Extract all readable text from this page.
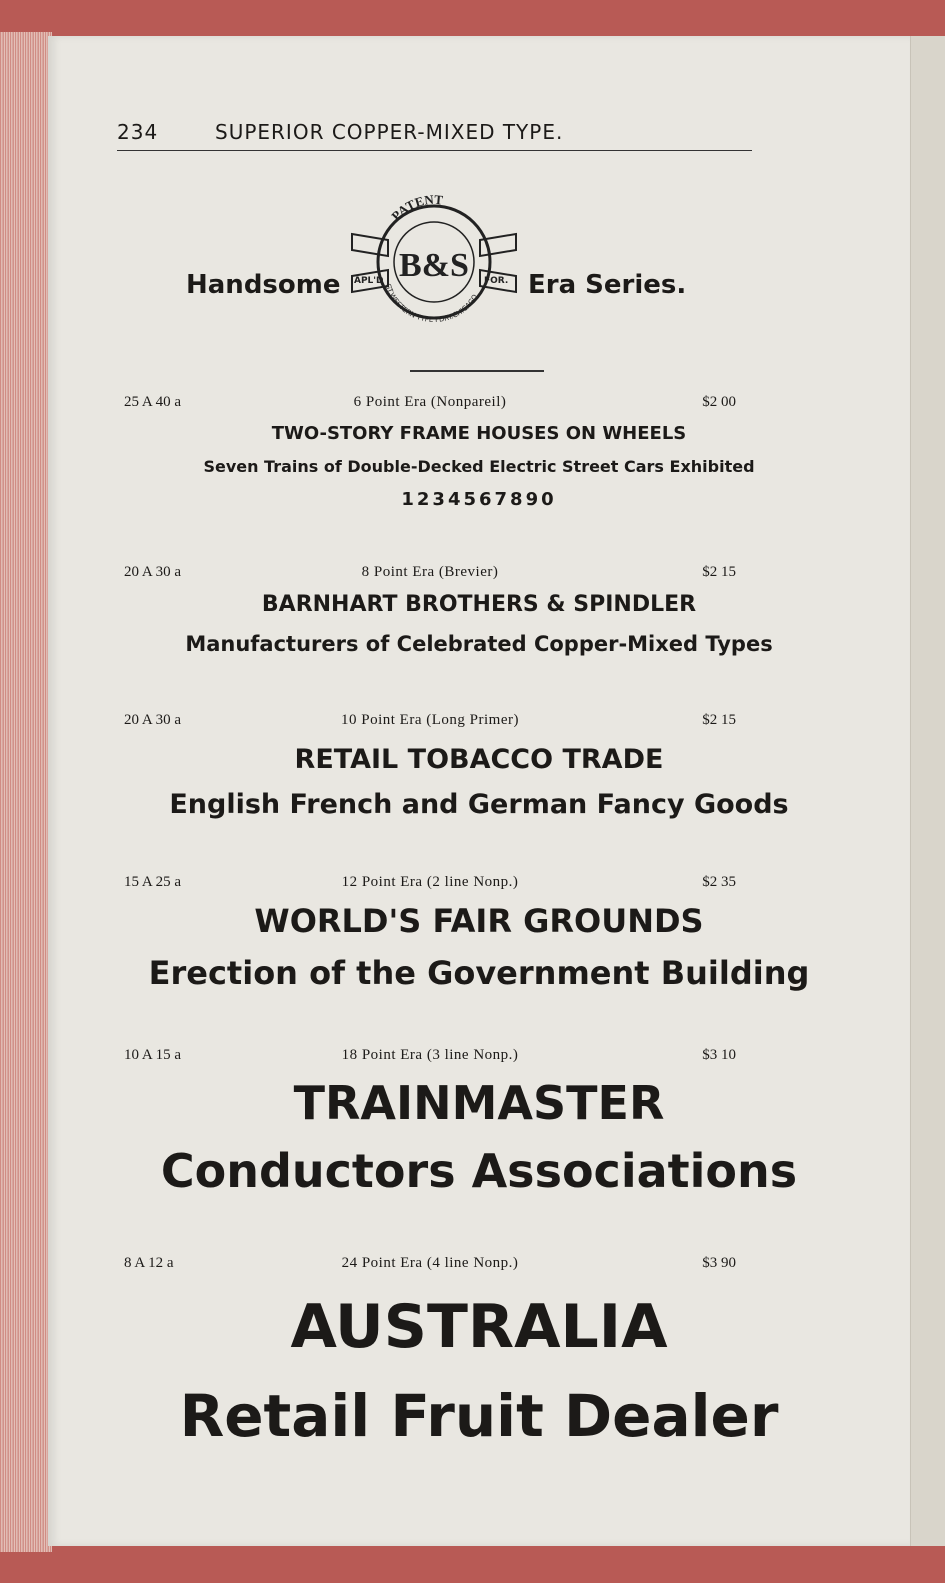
234	SUPERIOR COPPER-MIXED TYPE.
Handsome
PATENT
GT.WESTERN TYPE FDRY.CHICAGO
APL'D	FOR.
B&S
Era Series.
25 A 40 a	6 Point Era (Nonpareil)	$2 00
TWO-STORY FRAME HOUSES ON WHEELS
Seven Trains of Double-Decked Electric Street Cars Exhibited
1234567890
20 A 30 a	8 Point Era (Brevier)	$2 15
BARNHART BROTHERS & SPINDLER
Manufacturers of Celebrated Copper-Mixed Types
20 A 30 a	10 Point Era (Long Primer)	$2 15
RETAIL TOBACCO TRADE
English French and German Fancy Goods
15 A 25 a	12 Point Era (2 line Nonp.)	$2 35
WORLD'S FAIR GROUNDS
Erection of the Government Building
10 A 15 a	18 Point Era (3 line Nonp.)	$3 10
TRAINMASTER
Conductors Associations
8 A 12 a	24 Point Era (4 line Nonp.)	$3 90
AUSTRALIA
Retail Fruit Dealer
